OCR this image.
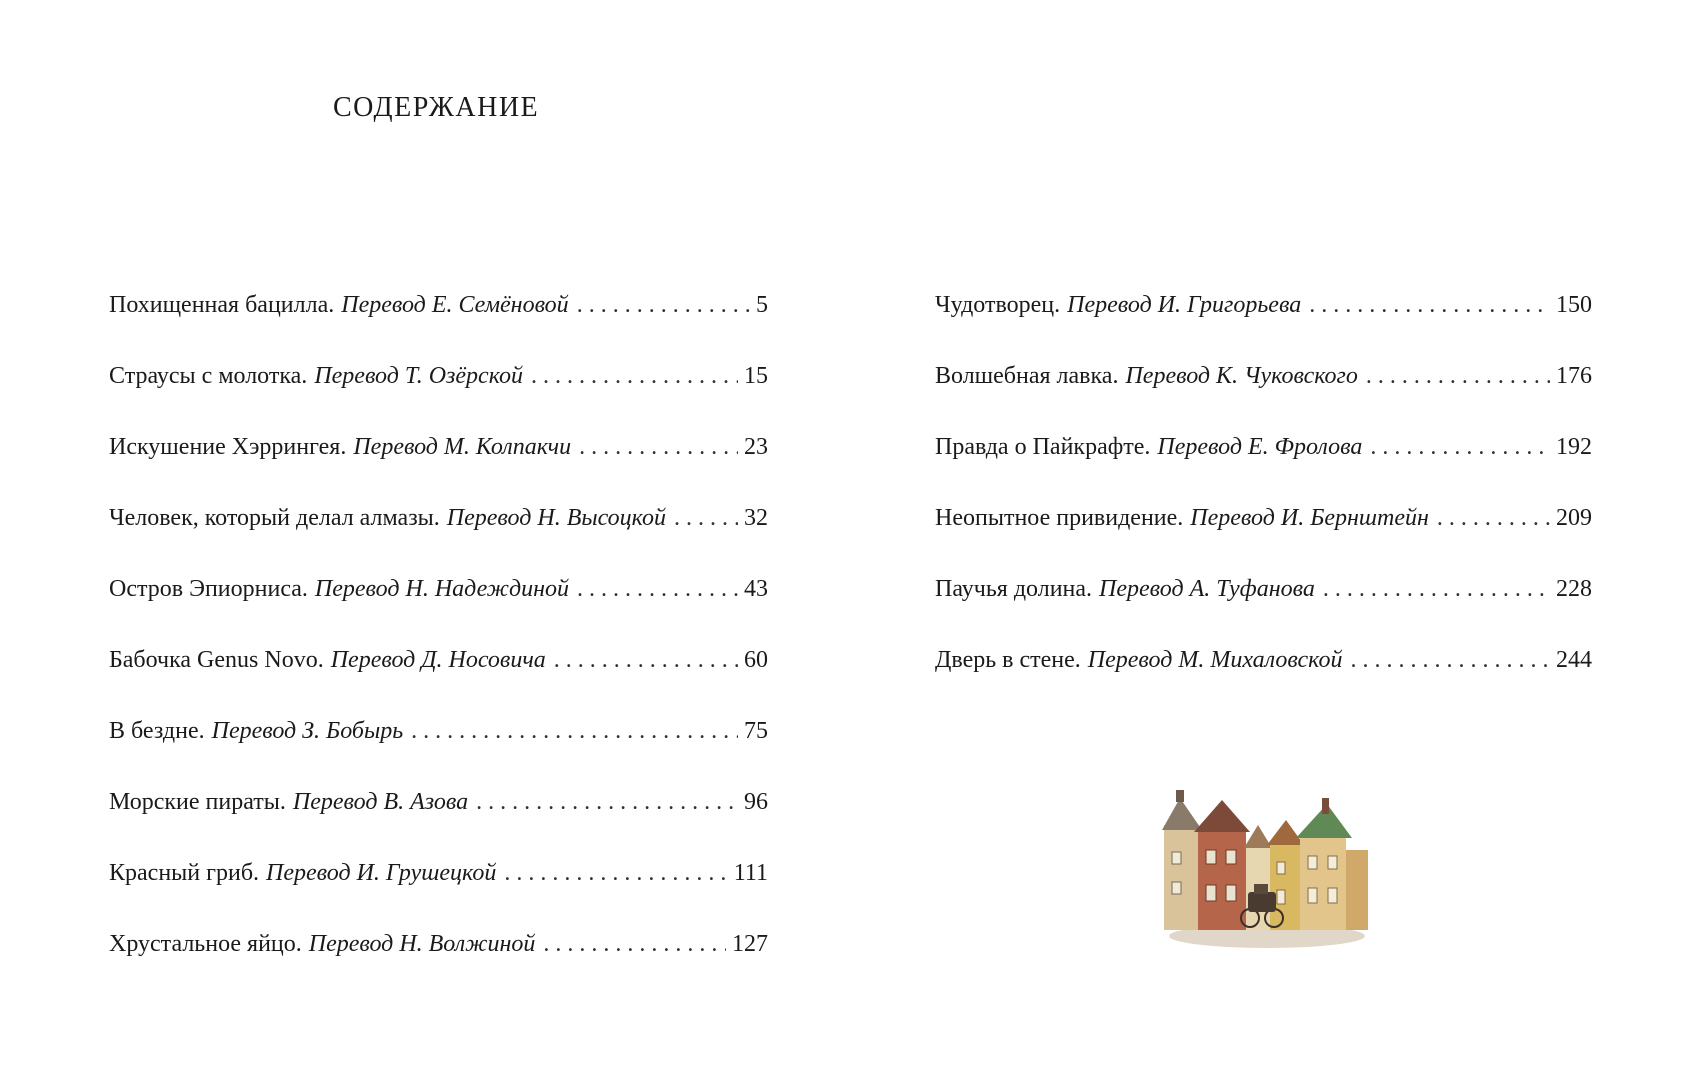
СОДЕРЖАНИЕ
Похищенная бацилла. Перевод Е. Семёновой . . .	5
Страусы с молотка. Перевод Т. Озёрской . . .	15
Искушение Хэррингея. Перевод М. Колпакчи . . .	23
Человек, который делал алмазы. Перевод Н. Высоцкой . . .	32
Остров Эпиорниса. Перевод Н. Надеждиной . . .	43
Бабочка Genus Novo. Перевод Д. Носовича . . .	60
В бездне. Перевод З. Бобырь . . .	75
Морские пираты. Перевод В. Азова . . .	96
Красный гриб. Перевод И. Грушецкой . . .	111
Хрустальное яйцо. Перевод Н. Волжиной . . .	127
Чудотворец. Перевод И. Григорьева . . .	150
Волшебная лавка. Перевод К. Чуковского . . .	176
Правда о Пайкрафте. Перевод Е. Фролова . . .	192
Неопытное привидение. Перевод И. Бернштейн . . .	209
Паучья долина. Перевод А. Туфанова . . .	228
Дверь в стене. Перевод М. Михаловской . . .	244
